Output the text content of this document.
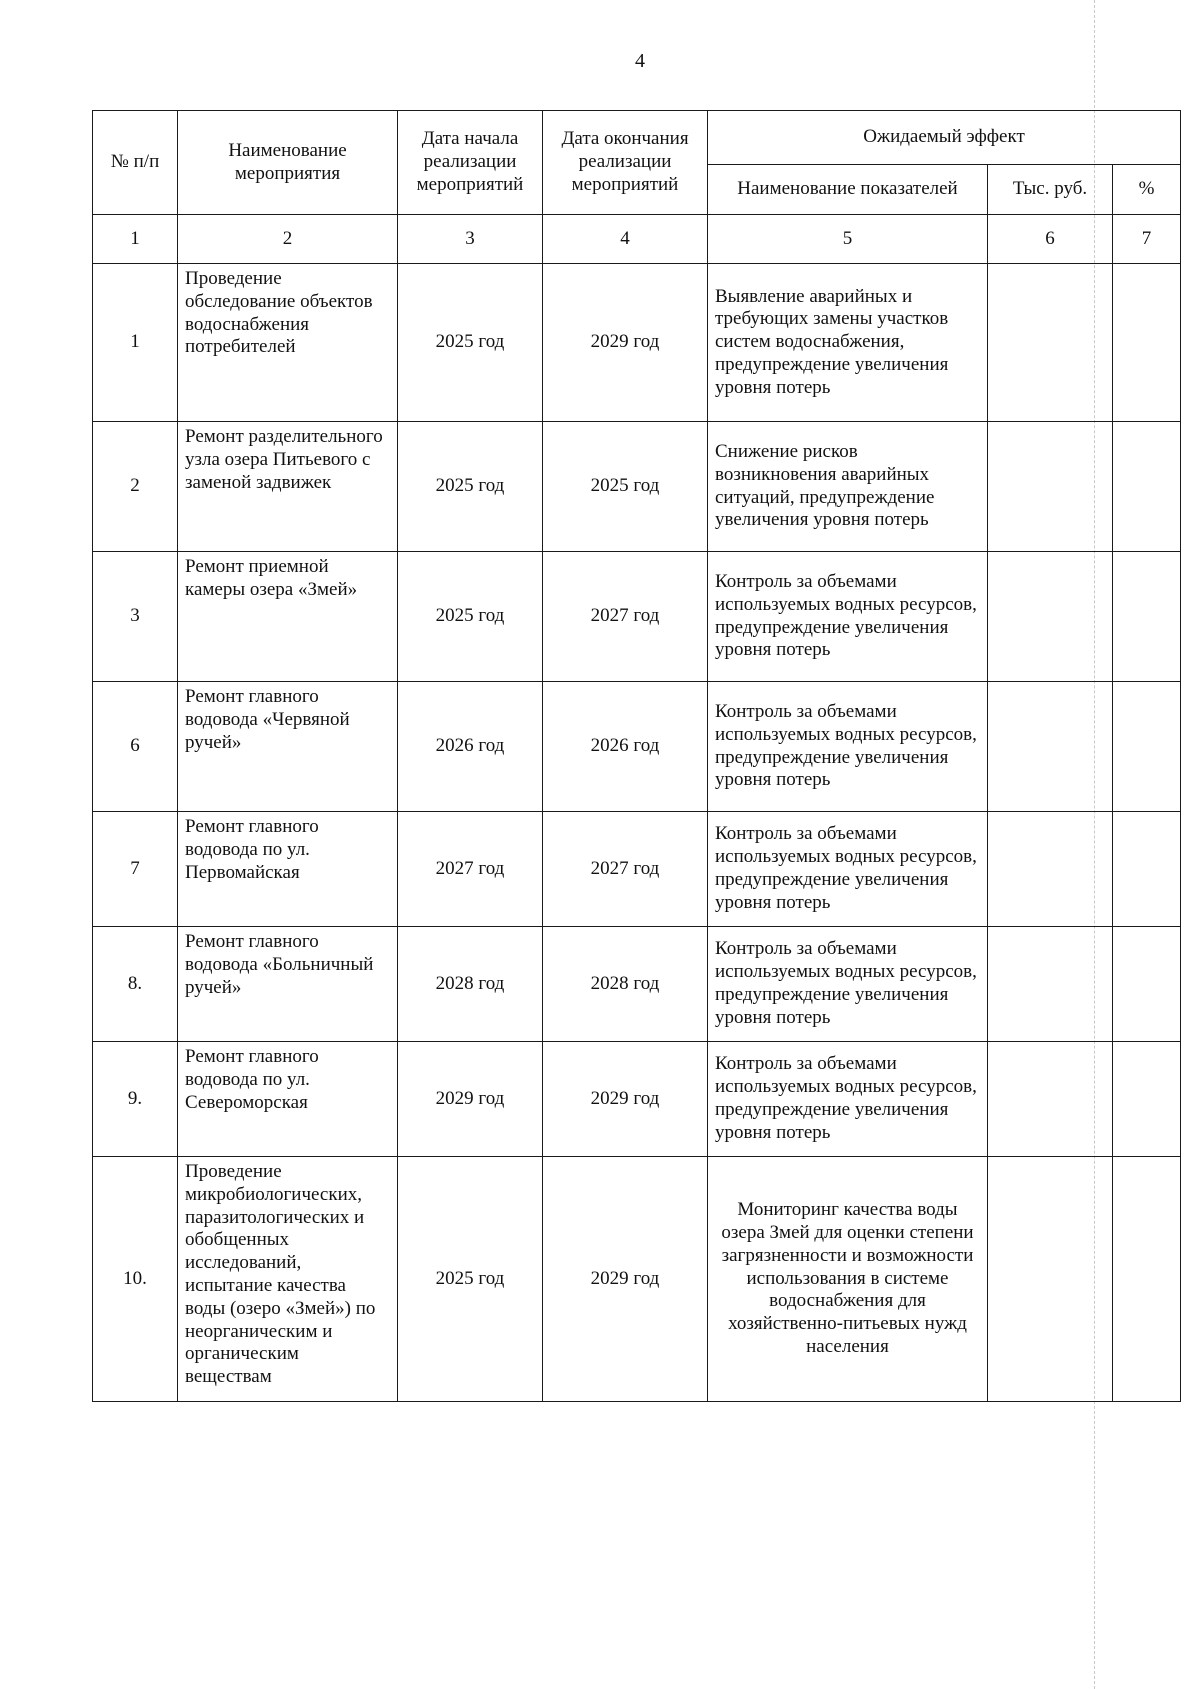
4
№ п/п	Наименование мероприятия	Дата начала реализации мероприятий	Дата окончания реализации мероприятий	Ожидаемый эффект		
				Наименование показателей	Тыс. руб.	%
1	2	3	4	5	6	7
1	Проведение обследование объектов водоснабжения потребителей	2025 год	2029 год	Выявление аварийных и требующих замены участков систем водоснабжения, предупреждение увеличения уровня потерь		
2	Ремонт разделительного узла озера Питьевого с заменой задвижек	2025 год	2025 год	Снижение рисков возникновения аварийных ситуаций, предупреждение увеличения уровня потерь		
3	Ремонт приемной камеры озера «Змей»	2025 год	2027 год	Контроль за объемами используемых водных ресурсов, предупреждение увеличения уровня потерь		
6	Ремонт главного водовода «Червяной ручей»	2026 год	2026 год	Контроль за объемами используемых водных ресурсов, предупреждение увеличения уровня потерь		
7	Ремонт главного водовода по ул. Первомайская	2027 год	2027 год	Контроль за объемами используемых водных ресурсов, предупреждение увеличения уровня потерь		
8.	Ремонт главного водовода «Больничный ручей»	2028 год	2028 год	Контроль за объемами используемых водных ресурсов, предупреждение увеличения уровня потерь		
9.	Ремонт главного водовода по ул. Североморская	2029 год	2029 год	Контроль за объемами используемых водных ресурсов, предупреждение увеличения уровня потерь		
10.	Проведение микробиологических, паразитологических и обобщенных исследований, испытание качества воды (озеро «Змей») по неорганическим и органическим веществам	2025 год	2029 год	Мониторинг качества воды озера Змей для оценки степени загрязненности и возможности использования в системе водоснабжения для хозяйственно-питьевых нужд населения		
